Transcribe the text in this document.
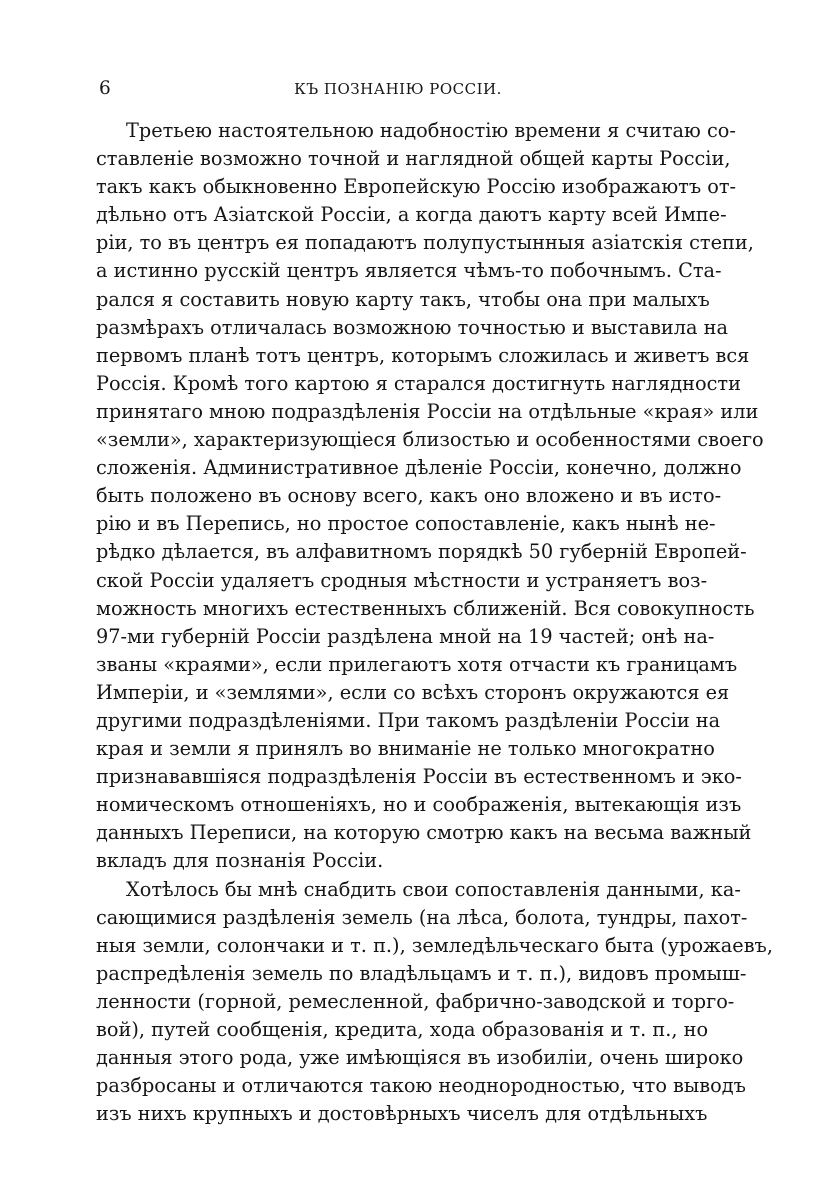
6	КЪ ПОЗНАНІЮ РОССІИ.
Третьею настоятельною надобностію времени я считаю со-
ставленіе возможно точной и наглядной общей карты Россіи,
такъ какъ обыкновенно Европейскую Россію изображаютъ от-
дѣльно отъ Азіатской Россіи, а когда даютъ карту всей Импе-
ріи, то въ центръ ея попадаютъ полупустынныя азіатскія степи,
а истинно русскій центръ является чѣмъ-то побочнымъ. Ста-
рался я составить новую карту такъ, чтобы она при малыхъ
размѣрахъ отличалась возможною точностью и выставила на
первомъ планѣ тотъ центръ, которымъ сложилась и живетъ вся
Россія. Кромѣ того картою я старался достигнуть наглядности
принятаго мною подраздѣленія Россіи на отдѣльные «края» или
«земли», характеризующіеся близостью и особенностями своего
сложенія. Административное дѣленіе Россіи, конечно, должно
быть положено въ основу всего, какъ оно вложено и въ исто-
рію и въ Перепись, но простое сопоставленіе, какъ нынѣ не-
рѣдко дѣлается, въ алфавитномъ порядкѣ 50 губерній Европей-
ской Россіи удаляетъ сродныя мѣстности и устраняетъ воз-
можность многихъ естественныхъ сближеній. Вся совокупность
97-ми губерній Россіи раздѣлена мной на 19 частей; онѣ на-
званы «краями», если прилегаютъ хотя отчасти къ границамъ
Имперіи, и «землями», если со всѣхъ сторонъ окружаются ея
другими подраздѣленіями. При такомъ раздѣленіи Россіи на
края и земли я принялъ во вниманіе не только многократно
признававшіяся подраздѣленія Россіи въ естественномъ и эко-
номическомъ отношеніяхъ, но и соображенія, вытекающія изъ
данныхъ Переписи, на которую смотрю какъ на весьма важный
вкладъ для познанія Россіи.
Хотѣлось бы мнѣ снабдить свои сопоставленія данными, ка-
сающимися раздѣленія земель (на лѣса, болота, тундры, пахот-
ныя земли, солончаки и т. п.), земледѣльческаго быта (урожаевъ,
распредѣленія земель по владѣльцамъ и т. п.), видовъ промыш-
ленности (горной, ремесленной, фабрично-заводской и торго-
вой), путей сообщенія, кредита, хода образованія и т. п., но
данныя этого рода, уже имѣющіяся въ изобиліи, очень широко
разбросаны и отличаются такою неоднородностью, что выводъ
изъ нихъ крупныхъ и достовѣрныхъ чиселъ для отдѣльныхъ
